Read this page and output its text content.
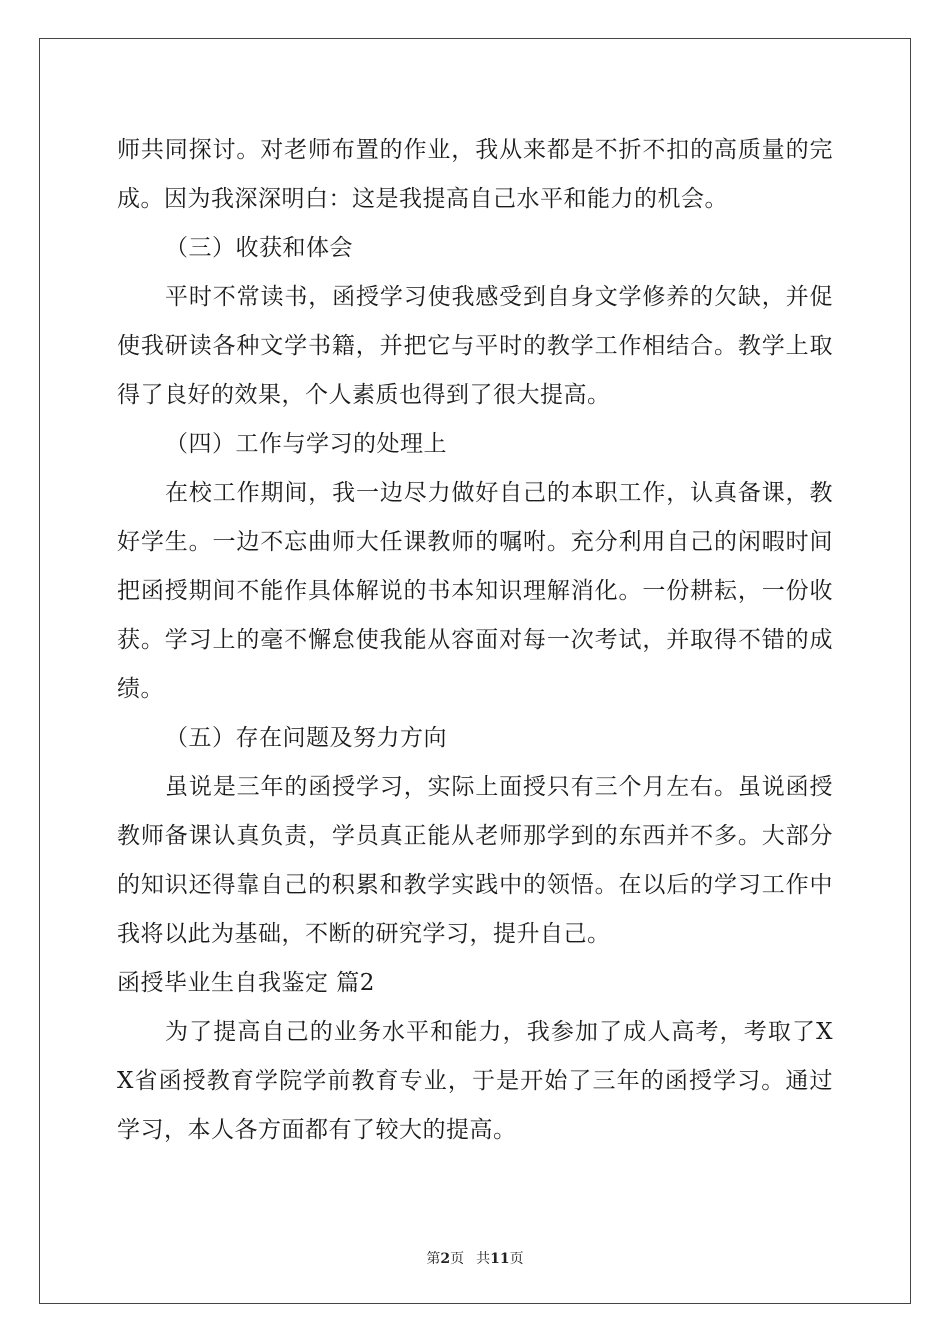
师共同探讨。对老师布置的作业，我从来都是不折不扣的高质量的完成。因为我深深明白：这是我提高自己水平和能力的机会。

（三）收获和体会

平时不常读书，函授学习使我感受到自身文学修养的欠缺，并促使我研读各种文学书籍，并把它与平时的教学工作相结合。教学上取得了良好的效果，个人素质也得到了很大提高。

（四）工作与学习的处理上

在校工作期间，我一边尽力做好自己的本职工作，认真备课，教好学生。一边不忘曲师大任课教师的嘱咐。充分利用自己的闲暇时间把函授期间不能作具体解说的书本知识理解消化。一份耕耘，一份收获。学习上的毫不懈怠使我能从容面对每一次考试，并取得不错的成绩。

（五）存在问题及努力方向

虽说是三年的函授学习，实际上面授只有三个月左右。虽说函授教师备课认真负责，学员真正能从老师那学到的东西并不多。大部分的知识还得靠自己的积累和教学实践中的领悟。在以后的学习工作中我将以此为基础，不断的研究学习，提升自己。

函授毕业生自我鉴定 篇2

为了提高自己的业务水平和能力，我参加了成人高考，考取了XX省函授教育学院学前教育专业，于是开始了三年的函授学习。通过学习，本人各方面都有了较大的提高。

第2页 共11页
